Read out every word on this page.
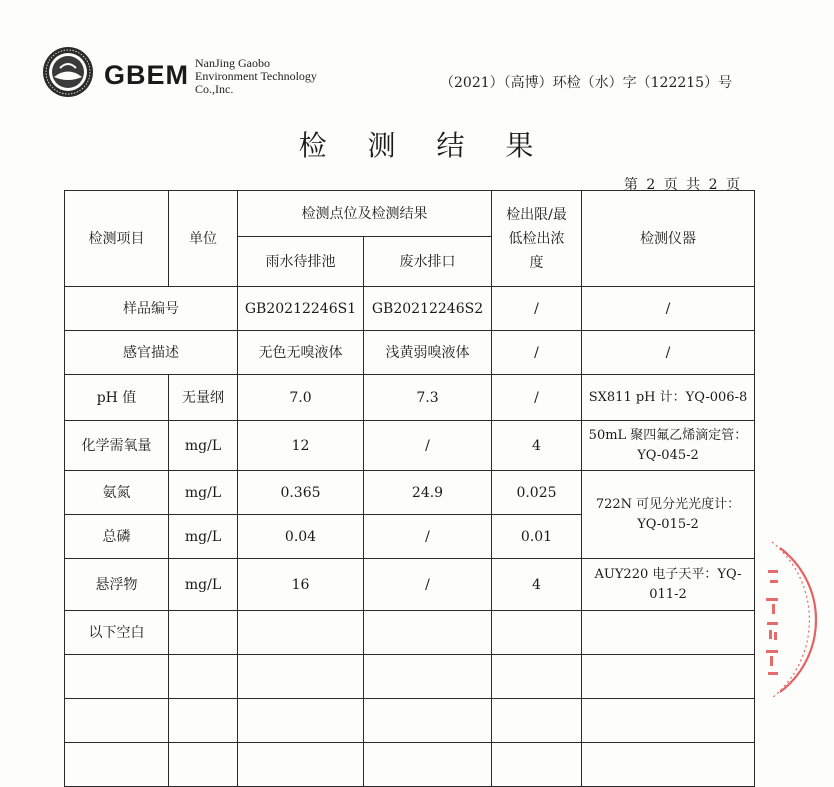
GBEM NanJing Gaobo
Environment Technology
Co.,Inc.	（2021）（高博）环检（水）字（122215）号
检 测 结 果
第 2 页 共 2 页
检测项目	单位	检测点位及检测结果		检出限/最低检出浓度	检测仪器
		雨水待排池	废水排口		
样品编号		GB20212246S1	GB20212246S2	/	/
感官描述		无色无嗅液体	浅黄弱嗅液体	/	/
pH 值	无量纲	7.0	7.3	/	SX811 pH 计：YQ-006-8
化学需氧量	mg/L	12	/	4	50mL 聚四氟乙烯滴定管：YQ-045-2
氨氮	mg/L	0.365	24.9	0.025	722N 可见分光光度计：YQ-015-2
总磷	mg/L	0.04	/	0.01	
悬浮物	mg/L	16	/	4	AUY220 电子天平：YQ-011-2
以下空白					
